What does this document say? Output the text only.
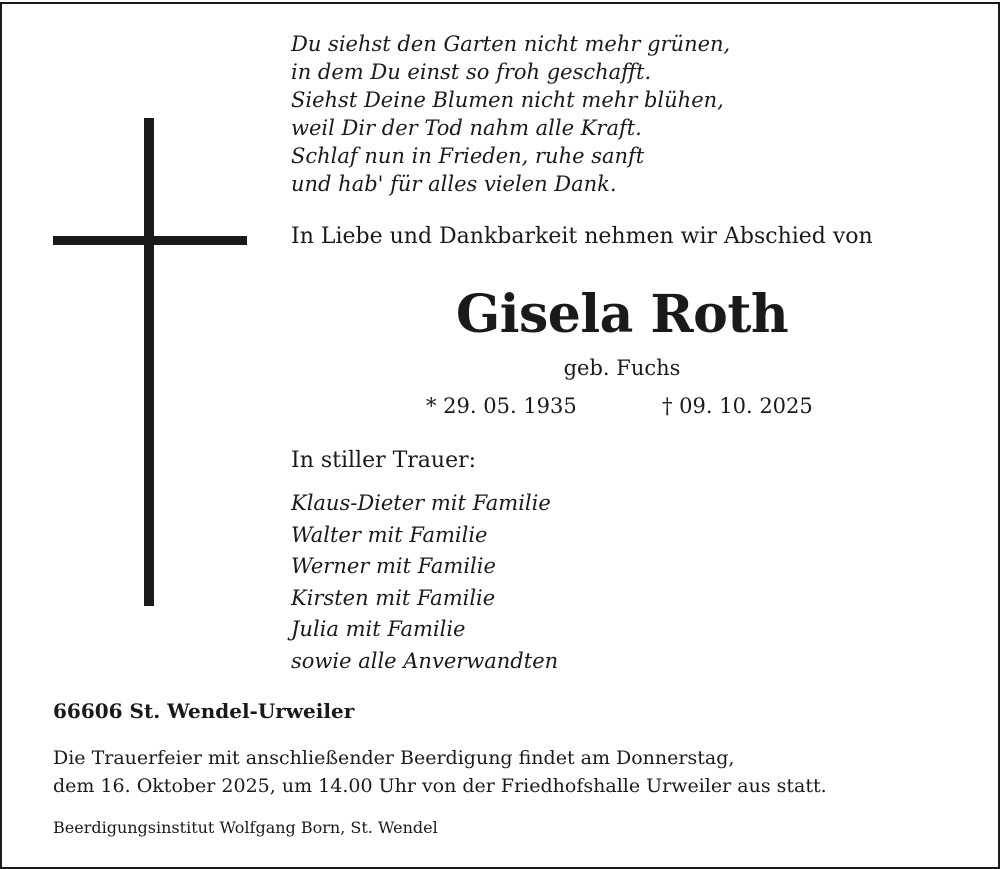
Du siehst den Garten nicht mehr grünen,
in dem Du einst so froh geschafft.
Siehst Deine Blumen nicht mehr blühen,
weil Dir der Tod nahm alle Kraft.
Schlaf nun in Frieden, ruhe sanft
und hab' für alles vielen Dank.

In Liebe und Dankbarkeit nehmen wir Abschied von

Gisela Roth

geb. Fuchs

* 29. 05. 1935	† 09. 10. 2025

In stiller Trauer:

Klaus-Dieter mit Familie
Walter mit Familie
Werner mit Familie
Kirsten mit Familie
Julia mit Familie
sowie alle Anverwandten

66606 St. Wendel-Urweiler

Die Trauerfeier mit anschließender Beerdigung findet am Donnerstag,
dem 16. Oktober 2025, um 14.00 Uhr von der Friedhofshalle Urweiler aus statt.

Beerdigungsinstitut Wolfgang Born, St. Wendel
